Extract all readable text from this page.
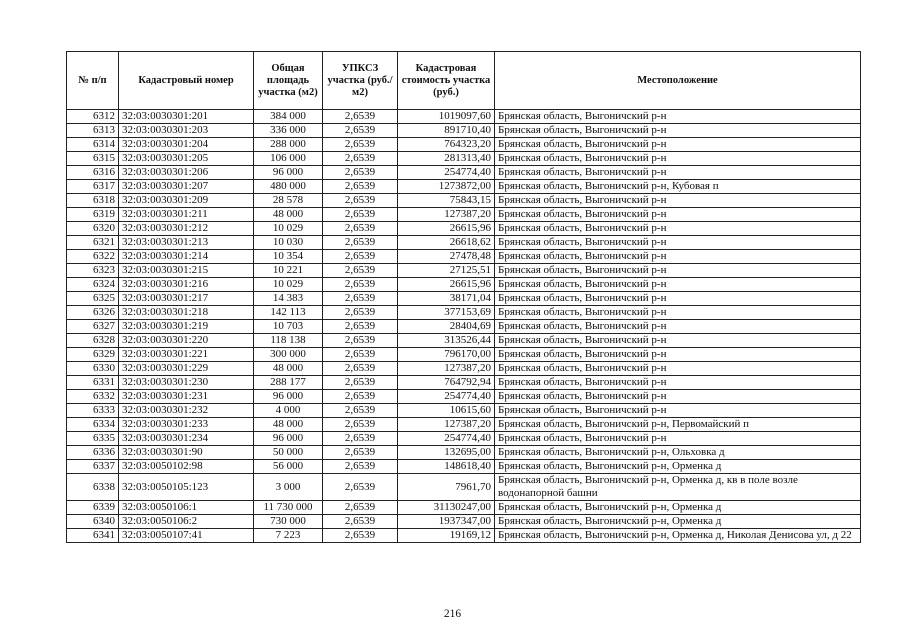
№ п/п	Кадастровый номер	Общая площадь участка (м2)	УПКСЗ участка (руб./м2)	Кадастровая стоимость участка (руб.)	Местоположение
6312	32:03:0030301:201	384 000	2,6539	1019097,60	Брянская область, Выгоничский р-н
6313	32:03:0030301:203	336 000	2,6539	891710,40	Брянская область, Выгоничский р-н
6314	32:03:0030301:204	288 000	2,6539	764323,20	Брянская область, Выгоничский р-н
6315	32:03:0030301:205	106 000	2,6539	281313,40	Брянская область, Выгоничский р-н
6316	32:03:0030301:206	96 000	2,6539	254774,40	Брянская область, Выгоничский р-н
6317	32:03:0030301:207	480 000	2,6539	1273872,00	Брянская область, Выгоничский р-н, Кубовая п
6318	32:03:0030301:209	28 578	2,6539	75843,15	Брянская область, Выгоничский р-н
6319	32:03:0030301:211	48 000	2,6539	127387,20	Брянская область, Выгоничский р-н
6320	32:03:0030301:212	10 029	2,6539	26615,96	Брянская область, Выгоничский р-н
6321	32:03:0030301:213	10 030	2,6539	26618,62	Брянская область, Выгоничский р-н
6322	32:03:0030301:214	10 354	2,6539	27478,48	Брянская область, Выгоничский р-н
6323	32:03:0030301:215	10 221	2,6539	27125,51	Брянская область, Выгоничский р-н
6324	32:03:0030301:216	10 029	2,6539	26615,96	Брянская область, Выгоничский р-н
6325	32:03:0030301:217	14 383	2,6539	38171,04	Брянская область, Выгоничский р-н
6326	32:03:0030301:218	142 113	2,6539	377153,69	Брянская область, Выгоничский р-н
6327	32:03:0030301:219	10 703	2,6539	28404,69	Брянская область, Выгоничский р-н
6328	32:03:0030301:220	118 138	2,6539	313526,44	Брянская область, Выгоничский р-н
6329	32:03:0030301:221	300 000	2,6539	796170,00	Брянская область, Выгоничский р-н
6330	32:03:0030301:229	48 000	2,6539	127387,20	Брянская область, Выгоничский р-н
6331	32:03:0030301:230	288 177	2,6539	764792,94	Брянская область, Выгоничский р-н
6332	32:03:0030301:231	96 000	2,6539	254774,40	Брянская область, Выгоничский р-н
6333	32:03:0030301:232	4 000	2,6539	10615,60	Брянская область, Выгоничский р-н
6334	32:03:0030301:233	48 000	2,6539	127387,20	Брянская область, Выгоничский р-н, Первомайский п
6335	32:03:0030301:234	96 000	2,6539	254774,40	Брянская область, Выгоничский р-н
6336	32:03:0030301:90	50 000	2,6539	132695,00	Брянская область, Выгоничский р-н, Ольховка д
6337	32:03:0050102:98	56 000	2,6539	148618,40	Брянская область, Выгоничский р-н, Орменка д
6338	32:03:0050105:123	3 000	2,6539	7961,70	Брянская область, Выгоничский р-н, Орменка д, кв в поле возле водонапорной башни
6339	32:03:0050106:1	11 730 000	2,6539	31130247,00	Брянская область, Выгоничский р-н, Орменка д
6340	32:03:0050106:2	730 000	2,6539	1937347,00	Брянская область, Выгоничский р-н, Орменка д
6341	32:03:0050107:41	7 223	2,6539	19169,12	Брянская область, Выгоничский р-н, Орменка д, Николая Денисова ул, д 22
216
